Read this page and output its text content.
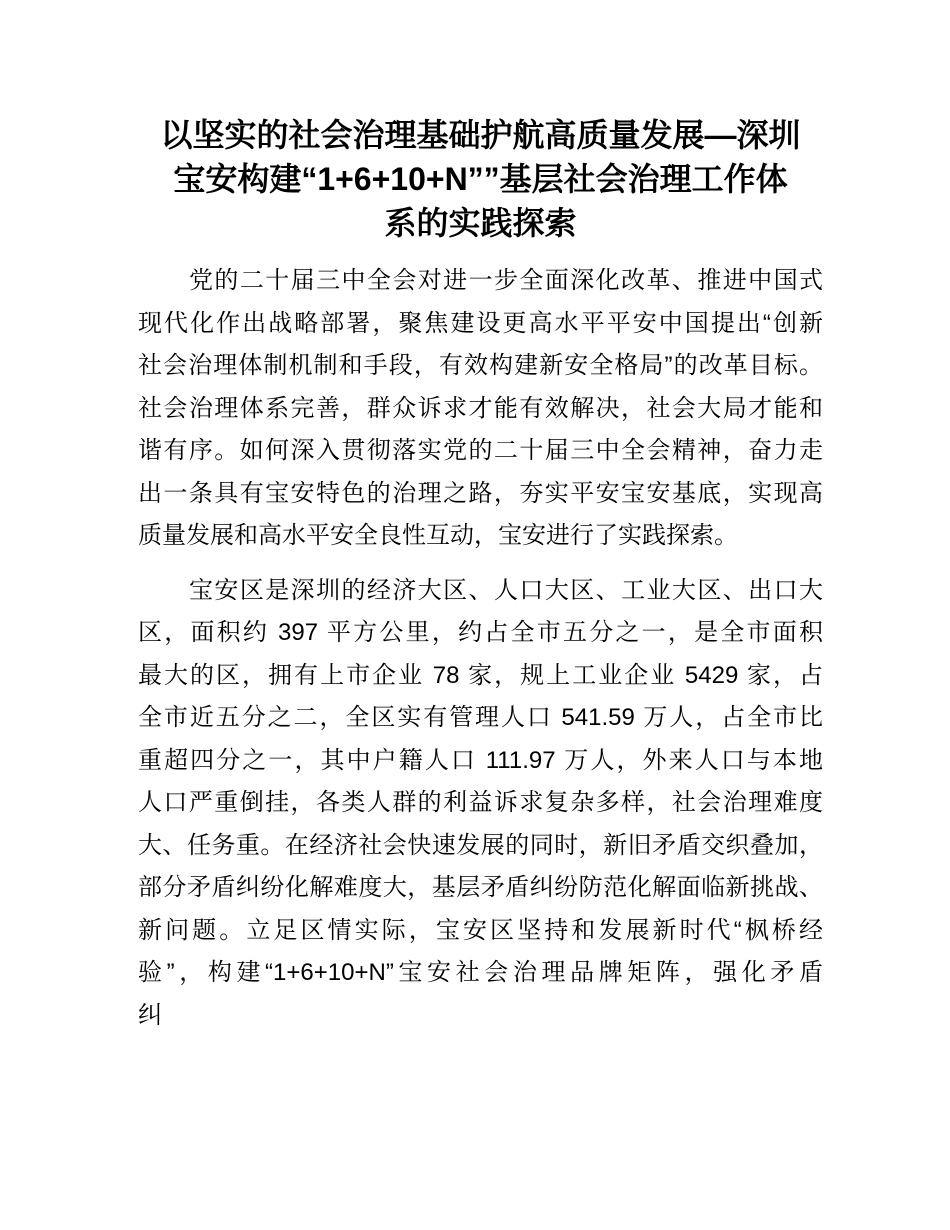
以坚实的社会治理基础护航高质量发展—深圳
宝安构建“1+6+10+N””基层社会治理工作体
系的实践探索
党的二十届三中全会对进一步全面深化改革、推进中国式
现代化作出战略部署，聚焦建设更高水平平安中国提出“创新
社会治理体制机制和手段，有效构建新安全格局”的改革目标。
社会治理体系完善，群众诉求才能有效解决，社会大局才能和
谐有序。如何深入贯彻落实党的二十届三中全会精神，奋力走
出一条具有宝安特色的治理之路，夯实平安宝安基底，实现高
质量发展和高水平安全良性互动，宝安进行了实践探索。
宝安区是深圳的经济大区、人口大区、工业大区、出口大
区，面积约 397 平方公里，约占全市五分之一，是全市面积
最大的区，拥有上市企业 78 家，规上工业企业 5429 家，占
全市近五分之二，全区实有管理人口 541.59 万人，占全市比
重超四分之一，其中户籍人口 111.97 万人，外来人口与本地
人口严重倒挂，各类人群的利益诉求复杂多样，社会治理难度
大、任务重。在经济社会快速发展的同时，新旧矛盾交织叠加，
部分矛盾纠纷化解难度大，基层矛盾纠纷防范化解面临新挑战、
新问题。立足区情实际，宝安区坚持和发展新时代“枫桥经
验”，构建“1+6+10+N”宝安社会治理品牌矩阵，强化矛盾
纠
